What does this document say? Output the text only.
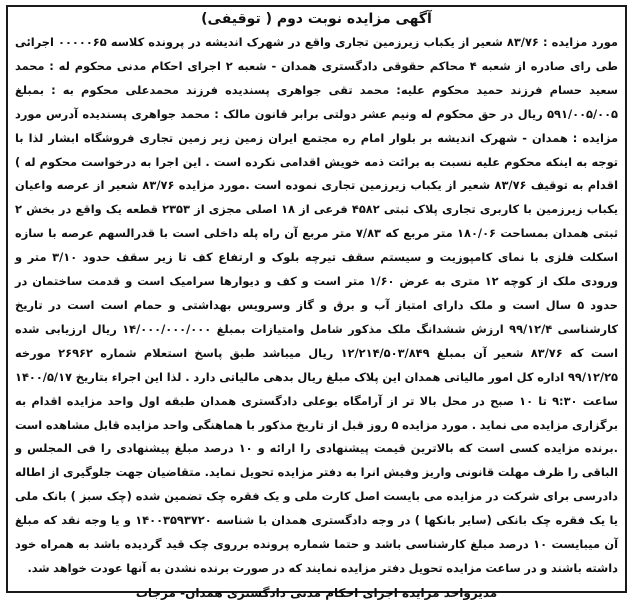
آگهی مزایده نوبت دوم ( توقیفی)

مورد مزایده : ۸۳/۷۶ شعیر از یکباب زیرزمین تجاری واقع در شهرک اندیشه در پرونده کلاسه ۰۰۰۰۰۶۵ اجرائی طی رای صادره از شعبه ۴ محاکم حقوقی دادگستری همدان - شعبه ۲ اجرای احکام مدنی محکوم له : محمد سعید حسام فرزند حمید محکوم علیه: محمد تقی جواهری پسندیده فرزند محمدعلی محکوم به : بمبلغ ۵۹۱/۰۰۵/۰۰۵ ریال در حق محکوم له ونیم عشر دولتی برابر قانون مالک : محمد جواهری پسندیده آدرس مورد مزایده : همدان - شهرک اندیشه بر بلوار امام ره مجتمع ایران زمین زیر زمین تجاری فروشگاه ابشار لذا با توجه به اینکه محکوم علیه نسبت به برائت ذمه خویش اقدامی نکرده است . این اجرا به درخواست محکوم له ) اقدام به توقیف ۸۳/۷۶ شعیر از یکباب زیرزمین تجاری نموده است .مورد مزایده ۸۳/۷۶ شعیر از عرصه واعیان یکباب زیرزمین با کاربری تجاری پلاک ثبتی ۴۵۸۲ فرعی از ۱۸ اصلی مجزی از ۲۳۵۳ قطعه یک واقع در بخش ۲ ثبتی همدان بمساحت ۱۸۰/۰۶ متر مربع که ۷/۸۳ متر مربع آن راه پله داخلی است با قدرالسهم عرصه با سازه اسکلت فلزی با نمای کامپوزیت و سیستم سقف تیرچه بلوک و ارتفاع کف تا زیر سقف حدود ۳/۱۰ متر و ورودی ملک از کوچه ۱۲ متری به عرض ۱/۶۰ متر است و کف و دیوارها سرامیک است و قدمت ساختمان در حدود ۵ سال است و ملک دارای امتیاز آب و برق و گاز وسرویس بهداشتی و حمام است است در تاریخ کارشناسی ۹۹/۱۲/۴ ارزش ششدانگ ملک مذکور شامل وامتیازات بمبلغ ۱۴/۰۰۰/۰۰۰/۰۰۰ ریال ارزیابی شده است که ۸۳/۷۶ شعیر آن بمبلغ ۱۲/۲۱۴/۵۰۳/۸۴۹ ریال میباشد طبق پاسخ استعلام شماره ۲۶۹۶۲ مورخه ۹۹/۱۲/۲۵ اداره کل امور مالیاتی همدان این پلاک مبلغ ریال بدهی مالیاتی دارد . لذا این اجراء بتاریخ ۱۴۰۰/۵/۱۷ ساعت ۹:۳۰ تا ۱۰ صبح در محل بالا تر از آرامگاه بوعلی دادگستری همدان طبقه اول واحد مزایده اقدام به برگزاری مزایده می نماید . مورد مزایده ۵ روز قبل از تاریخ مذکور با هماهنگی واحد مزایده قابل مشاهده است .برنده مزایده کسی است که بالاترین قیمت پیشنهادی را ارائه و ۱۰ درصد مبلغ پیشنهادی را فی المجلس و الباقی را ظرف مهلت قانونی واریز وفیش انرا به دفتر مزایده تحویل نماید. متقاضیان جهت جلوگیری از اطاله دادرسی برای شرکت در مزایده می بایست اصل کارت ملی و یک فقره چک تضمین شده (چک سبز ) بانک ملی یا یک فقره چک بانکی (سایر بانکها ) در وجه دادگستری همدان با شناسه ۱۴۰۰۳۵۹۳۷۲۰ و یا وجه نقد که مبلغ آن میبایست ۱۰ درصد مبلغ کارشناسی باشد و حتما شماره پرونده برروی چک قید گردیده باشد به همراه خود داشته باشند و در ساعت مزایده تحویل دفتر مزایده نمایند که در صورت برنده نشدن به آنها عودت خواهد شد.

مدیرواحد مزایده اجرای احکام مدنی دادگستری همدان- مزجات
